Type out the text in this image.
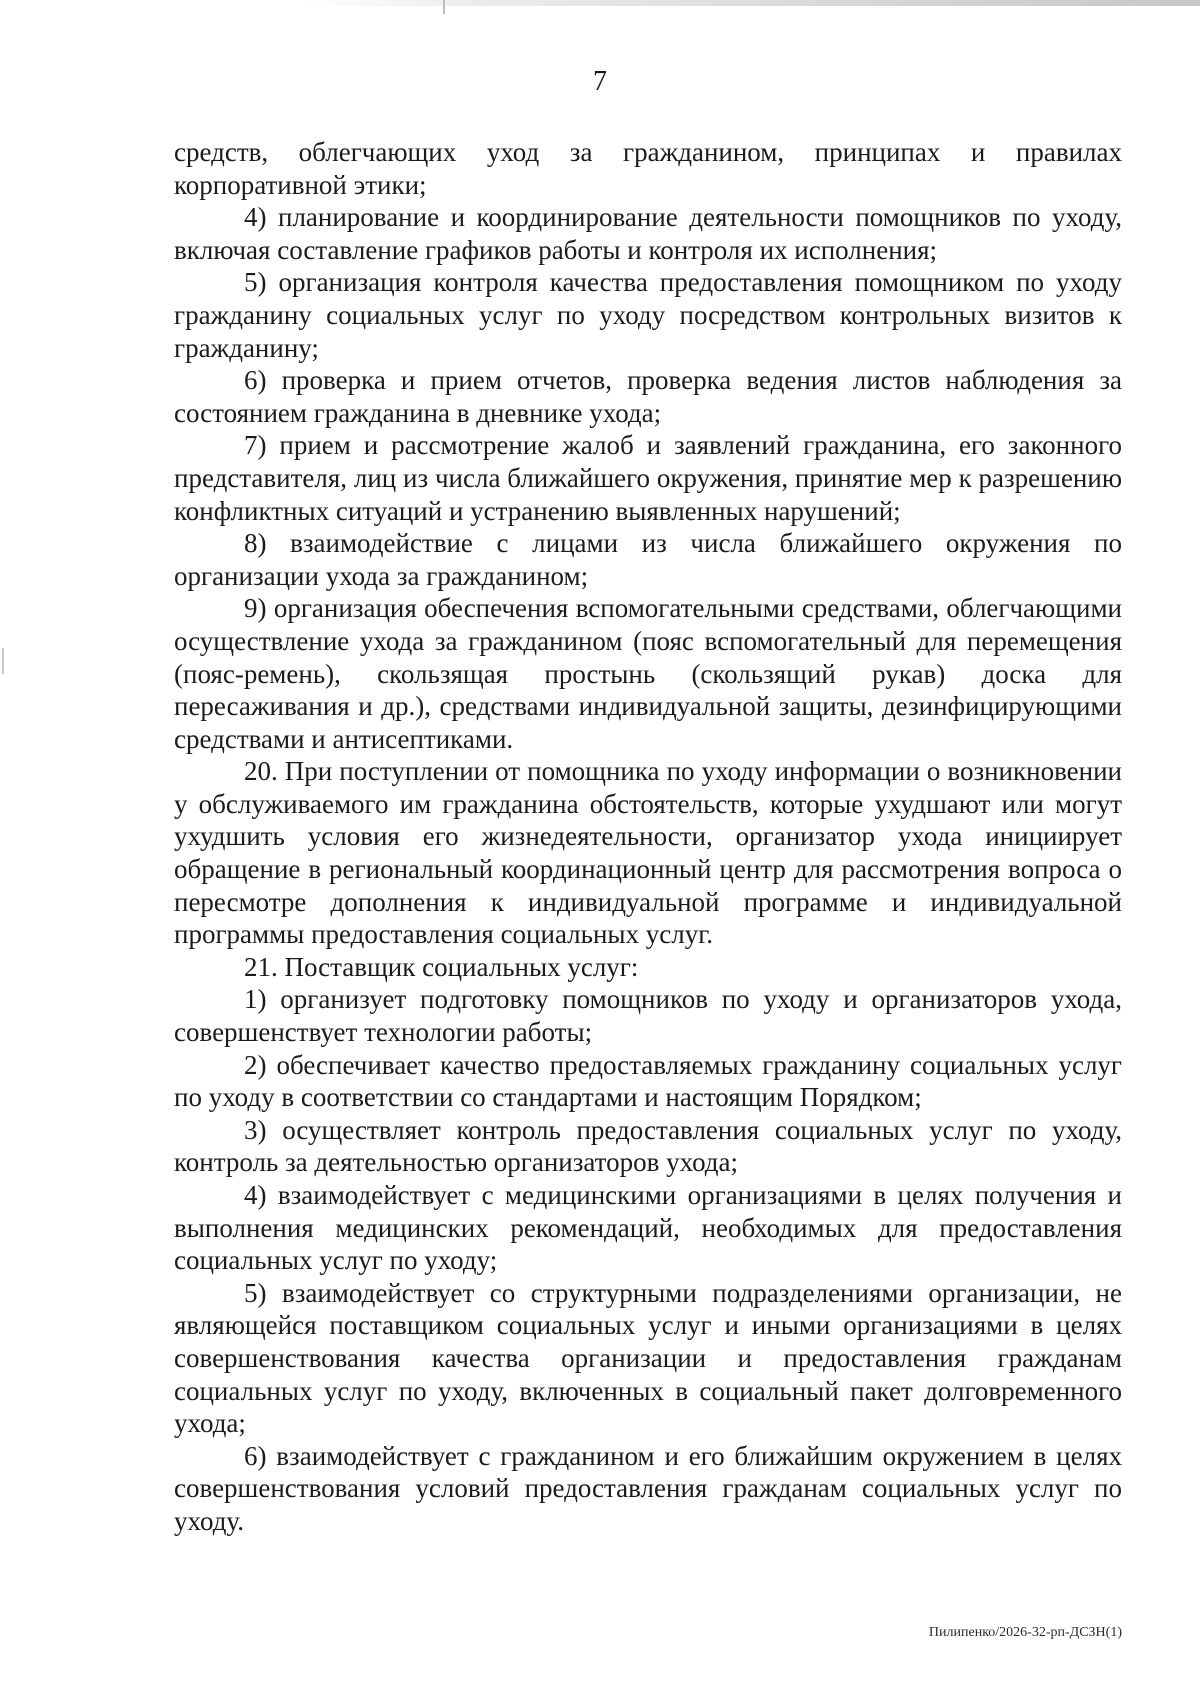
7

средств, облегчающих уход за гражданином, принципах и правилах корпоративной этики;

4) планирование и координирование деятельности помощников по уходу, включая составление графиков работы и контроля их исполнения;

5) организация контроля качества предоставления помощником по уходу гражданину социальных услуг по уходу посредством контрольных визитов к гражданину;

6) проверка и прием отчетов, проверка ведения листов наблюдения за состоянием гражданина в дневнике ухода;

7) прием и рассмотрение жалоб и заявлений гражданина, его законного представителя, лиц из числа ближайшего окружения, принятие мер к разрешению конфликтных ситуаций и устранению выявленных нарушений;

8) взаимодействие с лицами из числа ближайшего окружения по организации ухода за гражданином;

9) организация обеспечения вспомогательными средствами, облегчающими осуществление ухода за гражданином (пояс вспомогательный для перемещения (пояс-ремень), скользящая простынь (скользящий рукав) доска для пересаживания и др.), средствами индивидуальной защиты, дезинфицирующими средствами и антисептиками.

20. При поступлении от помощника по уходу информации о возникновении у обслуживаемого им гражданина обстоятельств, которые ухудшают или могут ухудшить условия его жизнедеятельности, организатор ухода инициирует обращение в региональный координационный центр для рассмотрения вопроса о пересмотре дополнения к индивидуальной программе и индивидуальной программы предоставления социальных услуг.

21. Поставщик социальных услуг:

1) организует подготовку помощников по уходу и организаторов ухода, совершенствует технологии работы;

2) обеспечивает качество предоставляемых гражданину социальных услуг по уходу в соответствии со стандартами и настоящим Порядком;

3) осуществляет контроль предоставления социальных услуг по уходу, контроль за деятельностью организаторов ухода;

4) взаимодействует с медицинскими организациями в целях получения и выполнения медицинских рекомендаций, необходимых для предоставления социальных услуг по уходу;

5) взаимодействует со структурными подразделениями организации, не являющейся поставщиком социальных услуг и иными организациями в целях совершенствования качества организации и предоставления гражданам социальных услуг по уходу, включенных в социальный пакет долговременного ухода;

6) взаимодействует с гражданином и его ближайшим окружением в целях совершенствования условий предоставления гражданам социальных услуг по уходу.

Пилипенко/2026-32-рп-ДСЗН(1)
